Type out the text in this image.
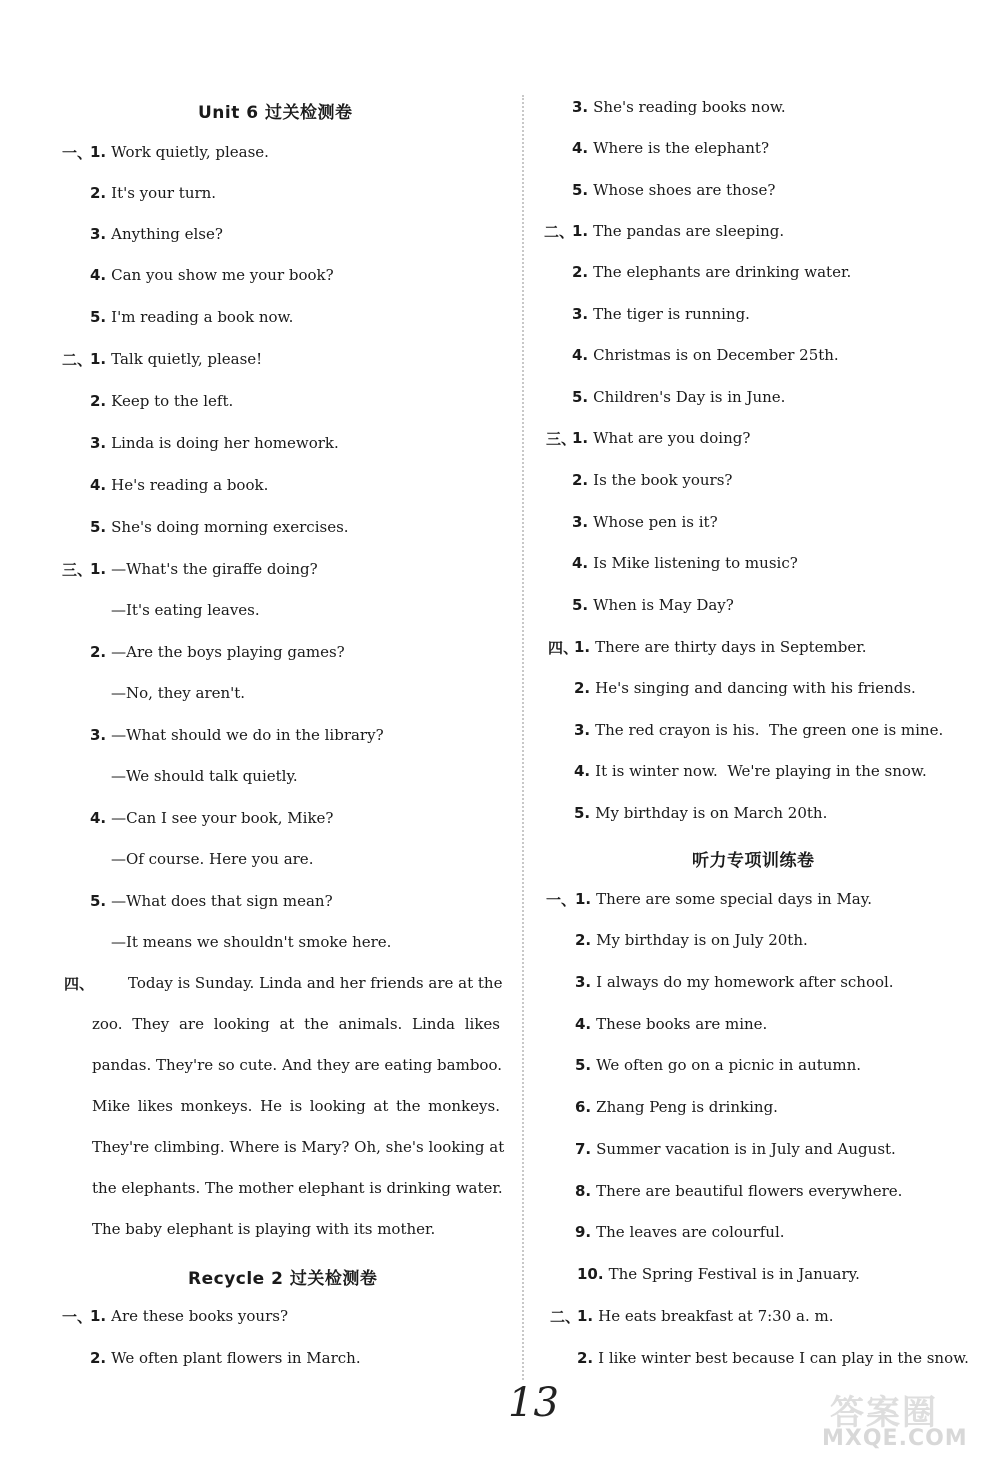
Unit 6 过关检测卷
一、
1. Work quietly, please.
2. It's your turn.
3. Anything else?
4. Can you show me your book?
5. I'm reading a book now.
二、
1. Talk quietly, please!
2. Keep to the left.
3. Linda is doing her homework.
4. He's reading a book.
5. She's doing morning exercises.
三、
1. —What's the giraffe doing?
—It's eating leaves.
2. —Are the boys playing games?
—No, they aren't.
3. —What should we do in the library?
—We should talk quietly.
4. —Can I see your book, Mike?
—Of course. Here you are.
5. —What does that sign mean?
—It means we shouldn't smoke here.
四、 Today is Sunday. Linda and her friends are at the
zoo. They are looking at the animals. Linda likes
pandas. They're so cute. And they are eating bamboo.
Mike likes monkeys. He is looking at the monkeys.
They're climbing. Where is Mary? Oh, she's looking at
the elephants. The mother elephant is drinking water.
The baby elephant is playing with its mother.
Recycle 2 过关检测卷
一、
1. Are these books yours?
2. We often plant flowers in March.
3. She's reading books now.
4. Where is the elephant?
5. Whose shoes are those?
二、
1. The pandas are sleeping.
2. The elephants are drinking water.
3. The tiger is running.
4. Christmas is on December 25th.
5. Children's Day is in June.
三、
1. What are you doing?
2. Is the book yours?
3. Whose pen is it?
4. Is Mike listening to music?
5. When is May Day?
四、
1. There are thirty days in September.
2. He's singing and dancing with his friends.
3. The red crayon is his.  The green one is mine.
4. It is winter now.  We're playing in the snow.
5. My birthday is on March 20th.
听力专项训练卷
一、
1. There are some special days in May.
2. My birthday is on July 20th.
3. I always do my homework after school.
4. These books are mine.
5. We often go on a picnic in autumn.
6. Zhang Peng is drinking.
7. Summer vacation is in July and August.
8. There are beautiful flowers everywhere.
9. The leaves are colourful.
10. The Spring Festival is in January.
二、
1. He eats breakfast at 7:30 a. m.
2. I like winter best because I can play in the snow.
13	答案圈
MXQE.COM
